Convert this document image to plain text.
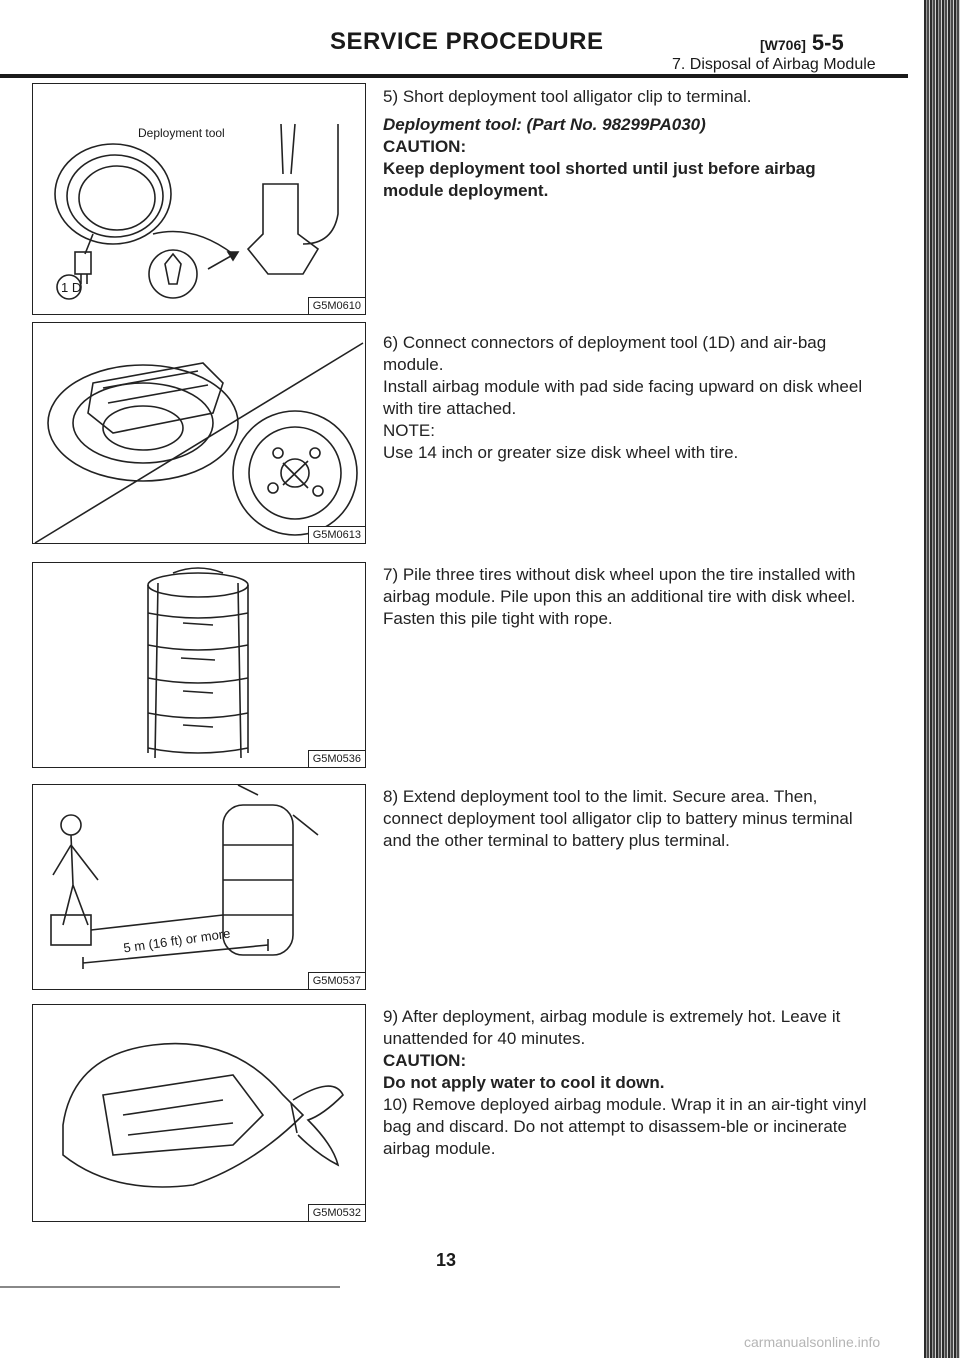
SERVICE PROCEDURE	[W706] 5-5
7. Disposal of Airbag Module
Deployment tool
1 D
G5M0610
G5M0613
G5M0536
5 m (16 ft) or more
G5M0537
G5M0532

5) Short deployment tool alligator clip to terminal.

Deployment tool: (Part No. 98299PA030)

CAUTION:

Keep deployment tool shorted until just before airbag module deployment.

6) Connect connectors of deployment tool (1D) and air-bag module.

Install airbag module with pad side facing upward on disk wheel with tire attached.

NOTE:

Use 14 inch or greater size disk wheel with tire.

7) Pile three tires without disk wheel upon the tire installed with airbag module. Pile upon this an additional tire with disk wheel. Fasten this pile tight with rope.

8) Extend deployment tool to the limit. Secure area. Then, connect deployment tool alligator clip to battery minus terminal and the other terminal to battery plus terminal.

9) After deployment, airbag module is extremely hot. Leave it unattended for 40 minutes.

CAUTION:

Do not apply water to cool it down.

10) Remove deployed airbag module. Wrap it in an air-tight vinyl bag and discard. Do not attempt to disassem-ble or incinerate airbag module.

13
carmanualsonline.info
